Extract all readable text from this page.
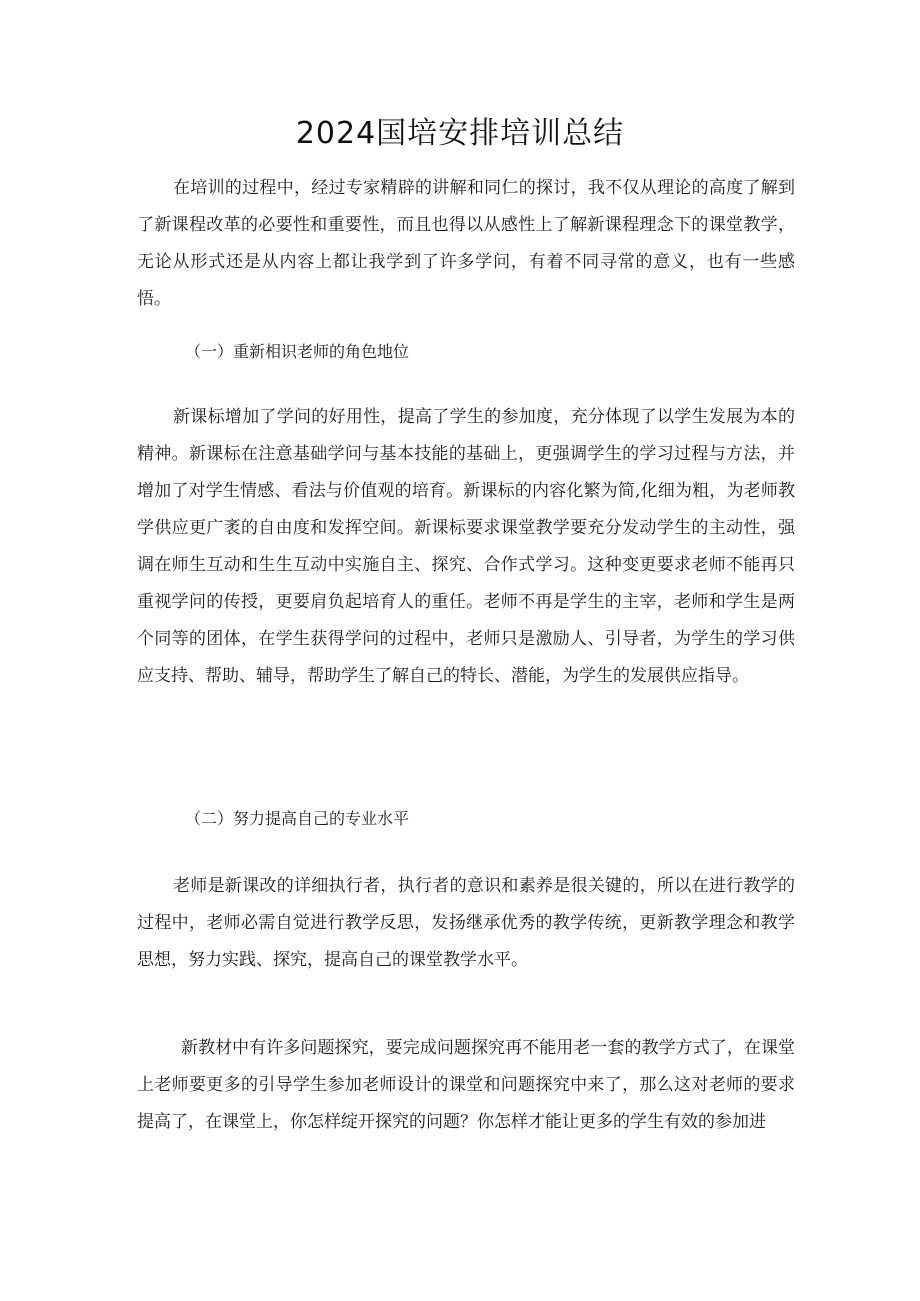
2024国培安排培训总结

在培训的过程中，经过专家精辟的讲解和同仁的探讨，我不仅从理论的高度了解到了新课程改革的必要性和重要性，而且也得以从感性上了解新课程理念下的课堂教学，无论从形式还是从内容上都让我学到了许多学问，有着不同寻常的意义，也有一些感悟。

（一）重新相识老师的角色地位

新课标增加了学问的好用性，提高了学生的参加度，充分体现了以学生发展为本的精神。新课标在注意基础学问与基本技能的基础上，更强调学生的学习过程与方法，并增加了对学生情感、看法与价值观的培育。新课标的内容化繁为简,化细为粗，为老师教学供应更广袤的自由度和发挥空间。新课标要求课堂教学要充分发动学生的主动性，强调在师生互动和生生互动中实施自主、探究、合作式学习。这种变更要求老师不能再只重视学问的传授，更要肩负起培育人的重任。老师不再是学生的主宰，老师和学生是两个同等的团体，在学生获得学问的过程中，老师只是激励人、引导者，为学生的学习供应支持、帮助、辅导，帮助学生了解自己的特长、潜能，为学生的发展供应指导。

（二）努力提高自己的专业水平

老师是新课改的详细执行者，执行者的意识和素养是很关键的，所以在进行教学的过程中，老师必需自觉进行教学反思，发扬继承优秀的教学传统，更新教学理念和教学思想，努力实践、探究，提高自己的课堂教学水平。

新教材中有许多问题探究，要完成问题探究再不能用老一套的教学方式了，在课堂上老师要更多的引导学生参加老师设计的课堂和问题探究中来了，那么这对老师的要求提高了，在课堂上，你怎样绽开探究的问题？你怎样才能让更多的学生有效的参加进
